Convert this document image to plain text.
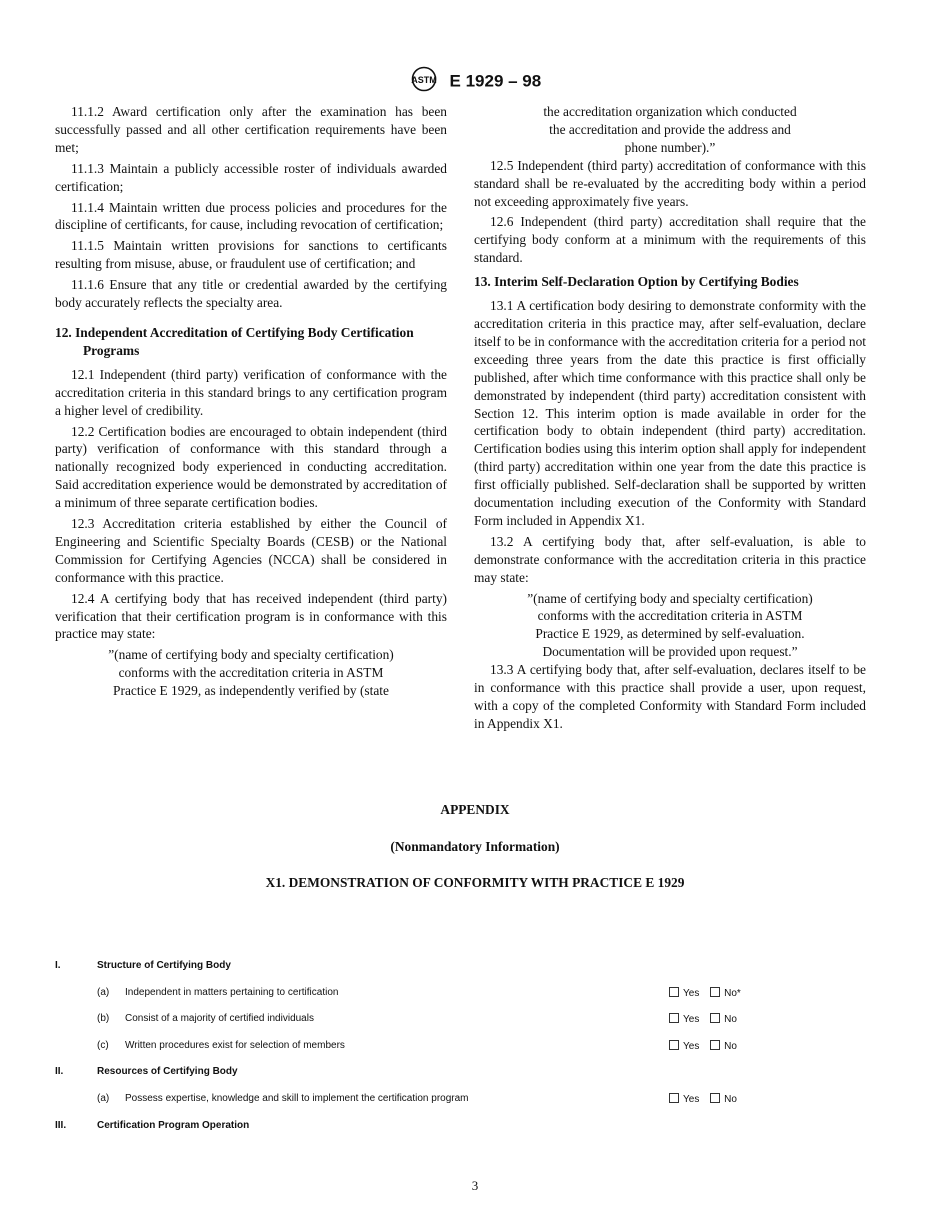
ASTM E 1929 – 98

11.1.2 Award certification only after the examination has been successfully passed and all other certification requirements have been met;

11.1.3 Maintain a publicly accessible roster of individuals awarded certification;

11.1.4 Maintain written due process policies and procedures for the discipline of certificants, for cause, including revocation of certification;

11.1.5 Maintain written provisions for sanctions to certificants resulting from misuse, abuse, or fraudulent use of certification; and

11.1.6 Ensure that any title or credential awarded by the certifying body accurately reflects the specialty area.

12. Independent Accreditation of Certifying Body Certification Programs

12.1 Independent (third party) verification of conformance with the accreditation criteria in this standard brings to any certification program a higher level of credibility.

12.2 Certification bodies are encouraged to obtain independent (third party) verification of conformance with this standard through a nationally recognized body experienced in conducting accreditation. Said accreditation experience would be demonstrated by accreditation of a minimum of three separate certification bodies.

12.3 Accreditation criteria established by either the Council of Engineering and Scientific Specialty Boards (CESB) or the National Commission for Certifying Agencies (NCCA) shall be considered in conformance with this practice.

12.4 A certifying body that has received independent (third party) verification that their certification program is in conformance with this practice may state:

”(name of certifying body and specialty certification)

conforms with the accreditation criteria in ASTM

Practice E 1929, as independently verified by (state

the accreditation organization which conducted

the accreditation and provide the address and

phone number).”

12.5 Independent (third party) accreditation of conformance with this standard shall be re-evaluated by the accrediting body within a period not exceeding approximately five years.

12.6 Independent (third party) accreditation shall require that the certifying body conform at a minimum with the requirements of this standard.

13. Interim Self-Declaration Option by Certifying Bodies

13.1 A certification body desiring to demonstrate conformity with the accreditation criteria in this practice may, after self-evaluation, declare itself to be in conformance with the accreditation criteria for a period not exceeding three years from the date this practice is first officially published, after which time conformance with this practice shall only be demonstrated by independent (third party) accreditation consistent with Section 12. This interim option is made available in order for the certification body to obtain independent (third party) accreditation. Certification bodies using this interim option shall apply for independent (third party) accreditation within one year from the date this practice is first officially published. Self-declaration shall be supported by written documentation including execution of the Conformity with Standard Form included in Appendix X1.

13.2 A certifying body that, after self-evaluation, is able to demonstrate conformance with the accreditation criteria in this practice may state:

”(name of certifying body and specialty certification)

conforms with the accreditation criteria in ASTM

Practice E 1929, as determined by self-evaluation.

Documentation will be provided upon request.”

13.3 A certifying body that, after self-evaluation, declares itself to be in conformance with this practice shall provide a user, upon request, with a copy of the completed Conformity with Standard Form included in Appendix X1.

APPENDIX
(Nonmandatory Information)
X1. DEMONSTRATION OF CONFORMITY WITH PRACTICE E 1929
I.	Structure of Certifying Body
(a) Independent in matters pertaining to certification	Yes No*
(b) Consist of a majority of certified individuals	Yes No
(c) Written procedures exist for selection of members	Yes No
II.	Resources of Certifying Body
(a) Possess expertise, knowledge and skill to implement the certification program	Yes No
III.	Certification Program Operation
3
